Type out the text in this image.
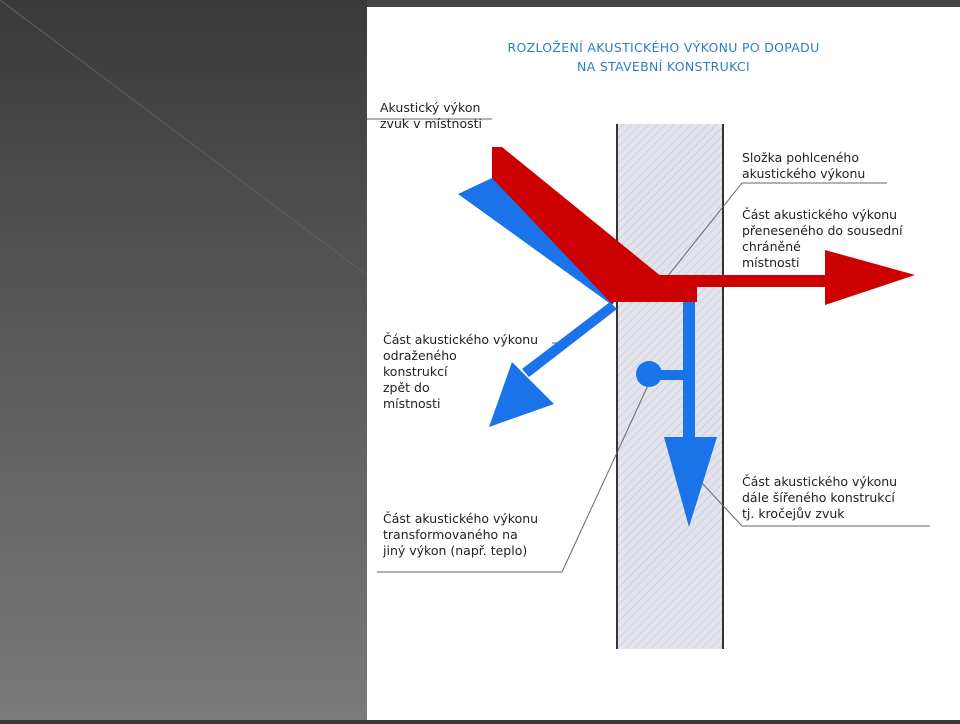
ROZLOŽENÍ AKUSTICKÉHO VÝKONU PO DOPADU
NA STAVEBNÍ KONSTRUKCI
Akustický výkon
zvuk v místnosti
Složka pohlceného
akustického výkonu
Část akustického výkonu
přeneseného do sousední
chráněné
místnosti
Část akustického výkonu
odraženého
konstrukcí
zpět do
místnosti
Část akustického výkonu
transformovaného na
jiný výkon (např. teplo)
Část akustického výkonu
dále šířeného konstrukcí
tj. kročejův zvuk
